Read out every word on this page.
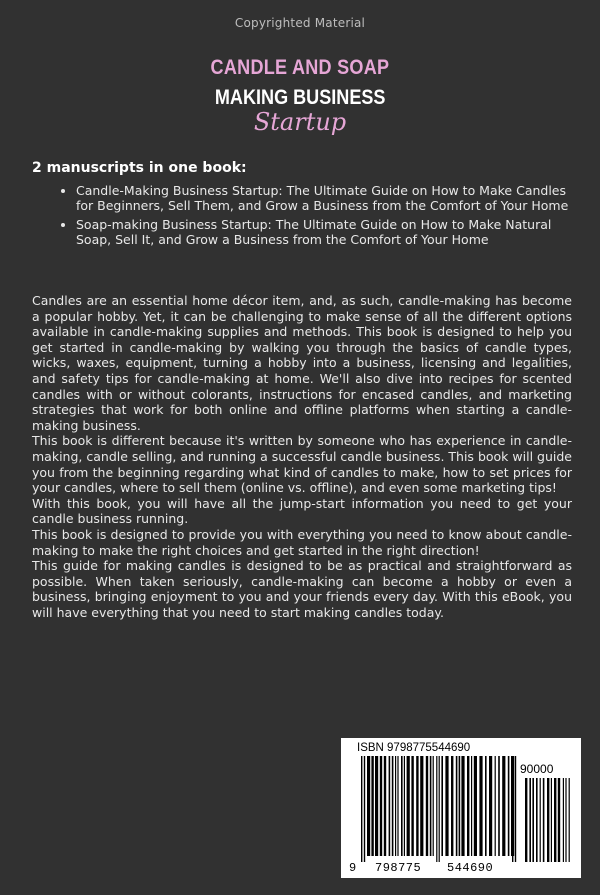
Copyrighted Material
CANDLE AND SOAP
MAKING BUSINESS
Startup
2 manuscripts in one book:
• Candle-Making Business Startup: The Ultimate Guide on How to Make Candles for Beginners, Sell Them, and Grow a Business from the Comfort of Your Home
• Soap-making Business Startup: The Ultimate Guide on How to Make Natural Soap, Sell It, and Grow a Business from the Comfort of Your Home

Candles are an essential home décor item, and, as such, candle-making has become a popular hobby. Yet, it can be challenging to make sense of all the different options available in candle-making supplies and methods. This book is designed to help you get started in candle-making by walking you through the basics of candle types, wicks, waxes, equipment, turning a hobby into a business, licensing and legalities, and safety tips for candle-making at home. We'll also dive into recipes for scented candles with or without colorants, instructions for encased candles, and marketing strategies that work for both online and offline platforms when starting a candle-making business.

This book is different because it's written by someone who has experience in candle-making, candle selling, and running a successful candle business. This book will guide you from the beginning regarding what kind of candles to make, how to set prices for your candles, where to sell them (online vs. offline), and even some marketing tips!

With this book, you will have all the jump-start information you need to get your candle business running.

This book is designed to provide you with everything you need to know about candle-making to make the right choices and get started in the right direction!

This guide for making candles is designed to be as practical and straightforward as possible. When taken seriously, candle-making can become a hobby or even a business, bringing enjoyment to you and your friends every day. With this eBook, you will have everything that you need to start making candles today.

ISBN 9798775544690
90000
9 798775 544690
